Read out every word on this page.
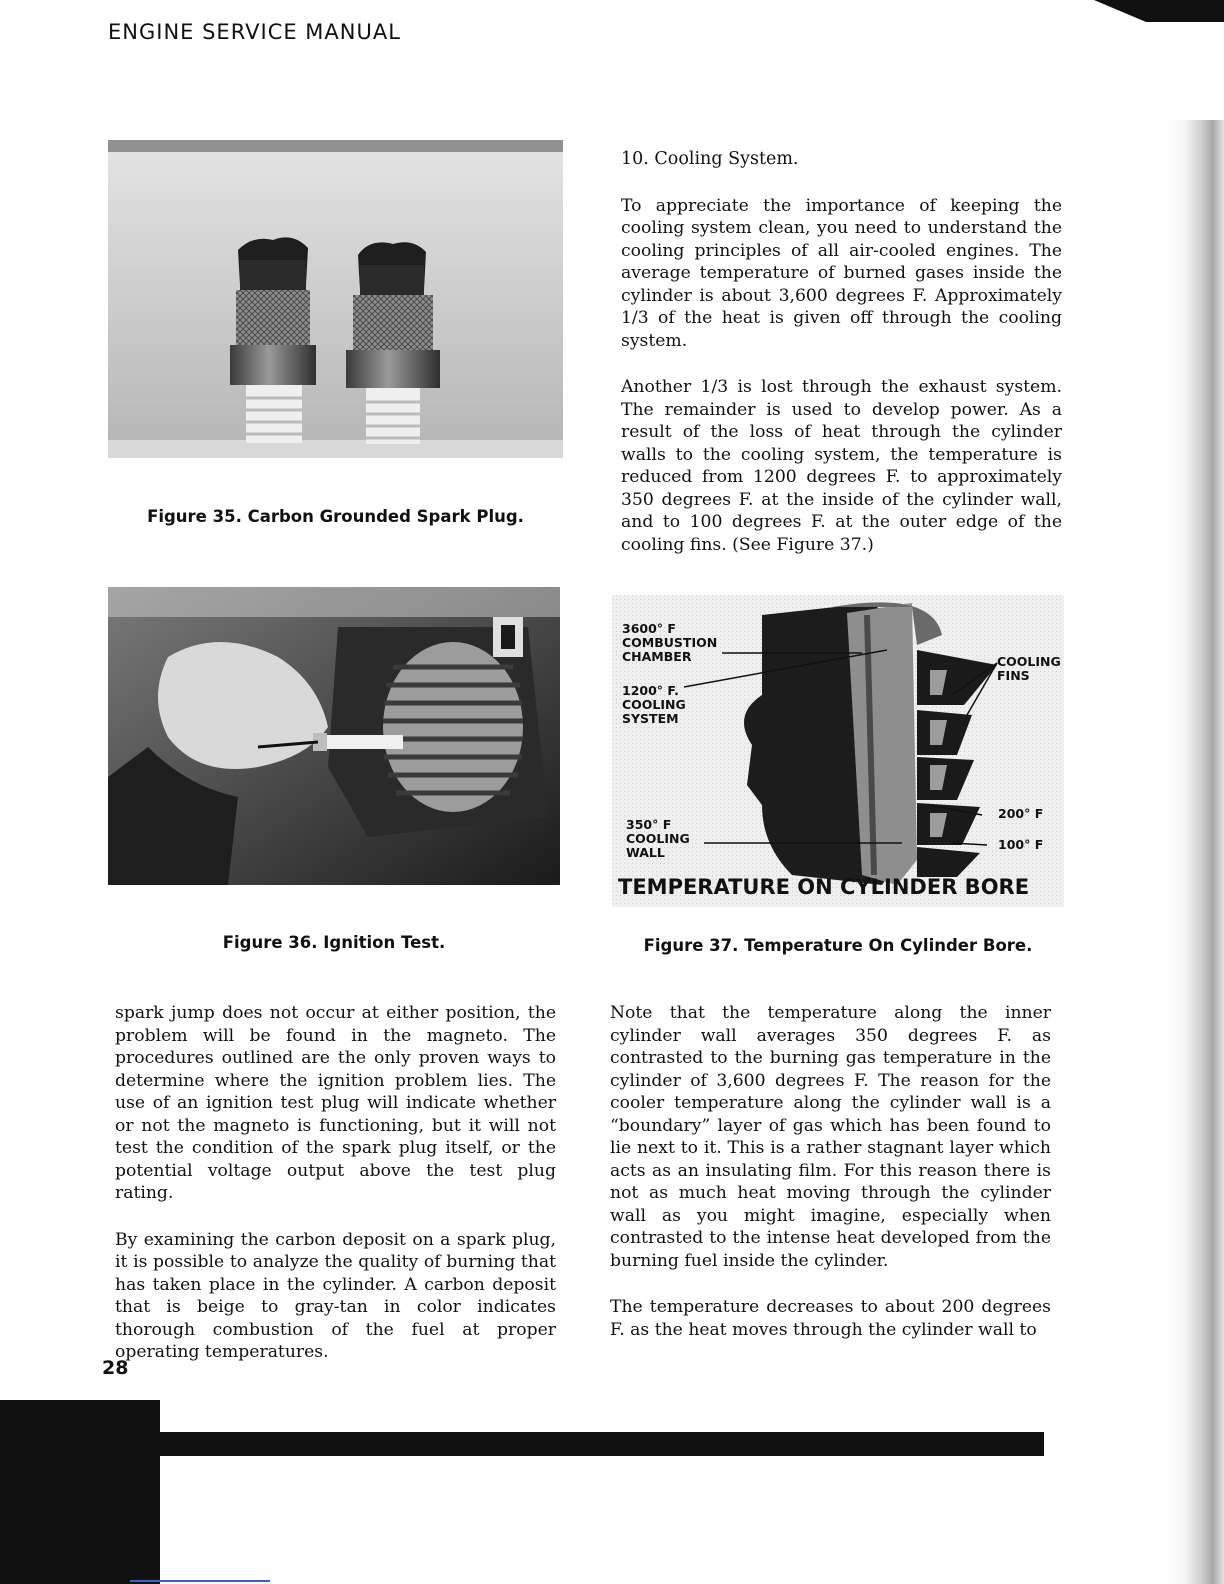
ENGINE SERVICE MANUAL
Figure 35. Carbon Grounded Spark Plug.
Figure 36. Ignition Test.
3600° F
COMBUSTION
CHAMBER
1200° F.
COOLING
SYSTEM
COOLING
FINS
200° F
350° F
COOLING
WALL
100° F
TEMPERATURE ON CYLINDER BORE
Figure 37. Temperature On Cylinder Bore.

10. Cooling System.

To appreciate the importance of keeping the cooling system clean, you need to understand the cooling principles of all air-cooled engines. The average temperature of burned gases inside the cylinder is about 3,600 degrees F. Approximately 1/3 of the heat is given off through the cooling system.

Another 1/3 is lost through the exhaust system. The remainder is used to develop power. As a result of the loss of heat through the cylinder walls to the cooling system, the temperature is reduced from 1200 degrees F. to approximately 350 degrees F. at the inside of the cylinder wall, and to 100 degrees F. at the outer edge of the cooling fins. (See Figure 37.)

spark jump does not occur at either position, the problem will be found in the magneto. The procedures outlined are the only proven ways to determine where the ignition problem lies. The use of an ignition test plug will indicate whether or not the magneto is functioning, but it will not test the condition of the spark plug itself, or the potential voltage output above the test plug rating.

By examining the carbon deposit on a spark plug, it is possible to analyze the quality of burning that has taken place in the cylinder. A carbon deposit that is beige to gray-tan in color indicates thorough combustion of the fuel at proper operating temperatures.

Note that the temperature along the inner cylinder wall averages 350 degrees F. as contrasted to the burning gas temperature in the cylinder of 3,600 degrees F. The reason for the cooler temperature along the cylinder wall is a “boundary” layer of gas which has been found to lie next to it. This is a rather stagnant layer which acts as an insulating film. For this reason there is not as much heat moving through the cylinder wall as you might imagine, especially when contrasted to the intense heat developed from the burning fuel inside the cylinder.

The temperature decreases to about 200 degrees F. as the heat moves through the cylinder wall to

28
